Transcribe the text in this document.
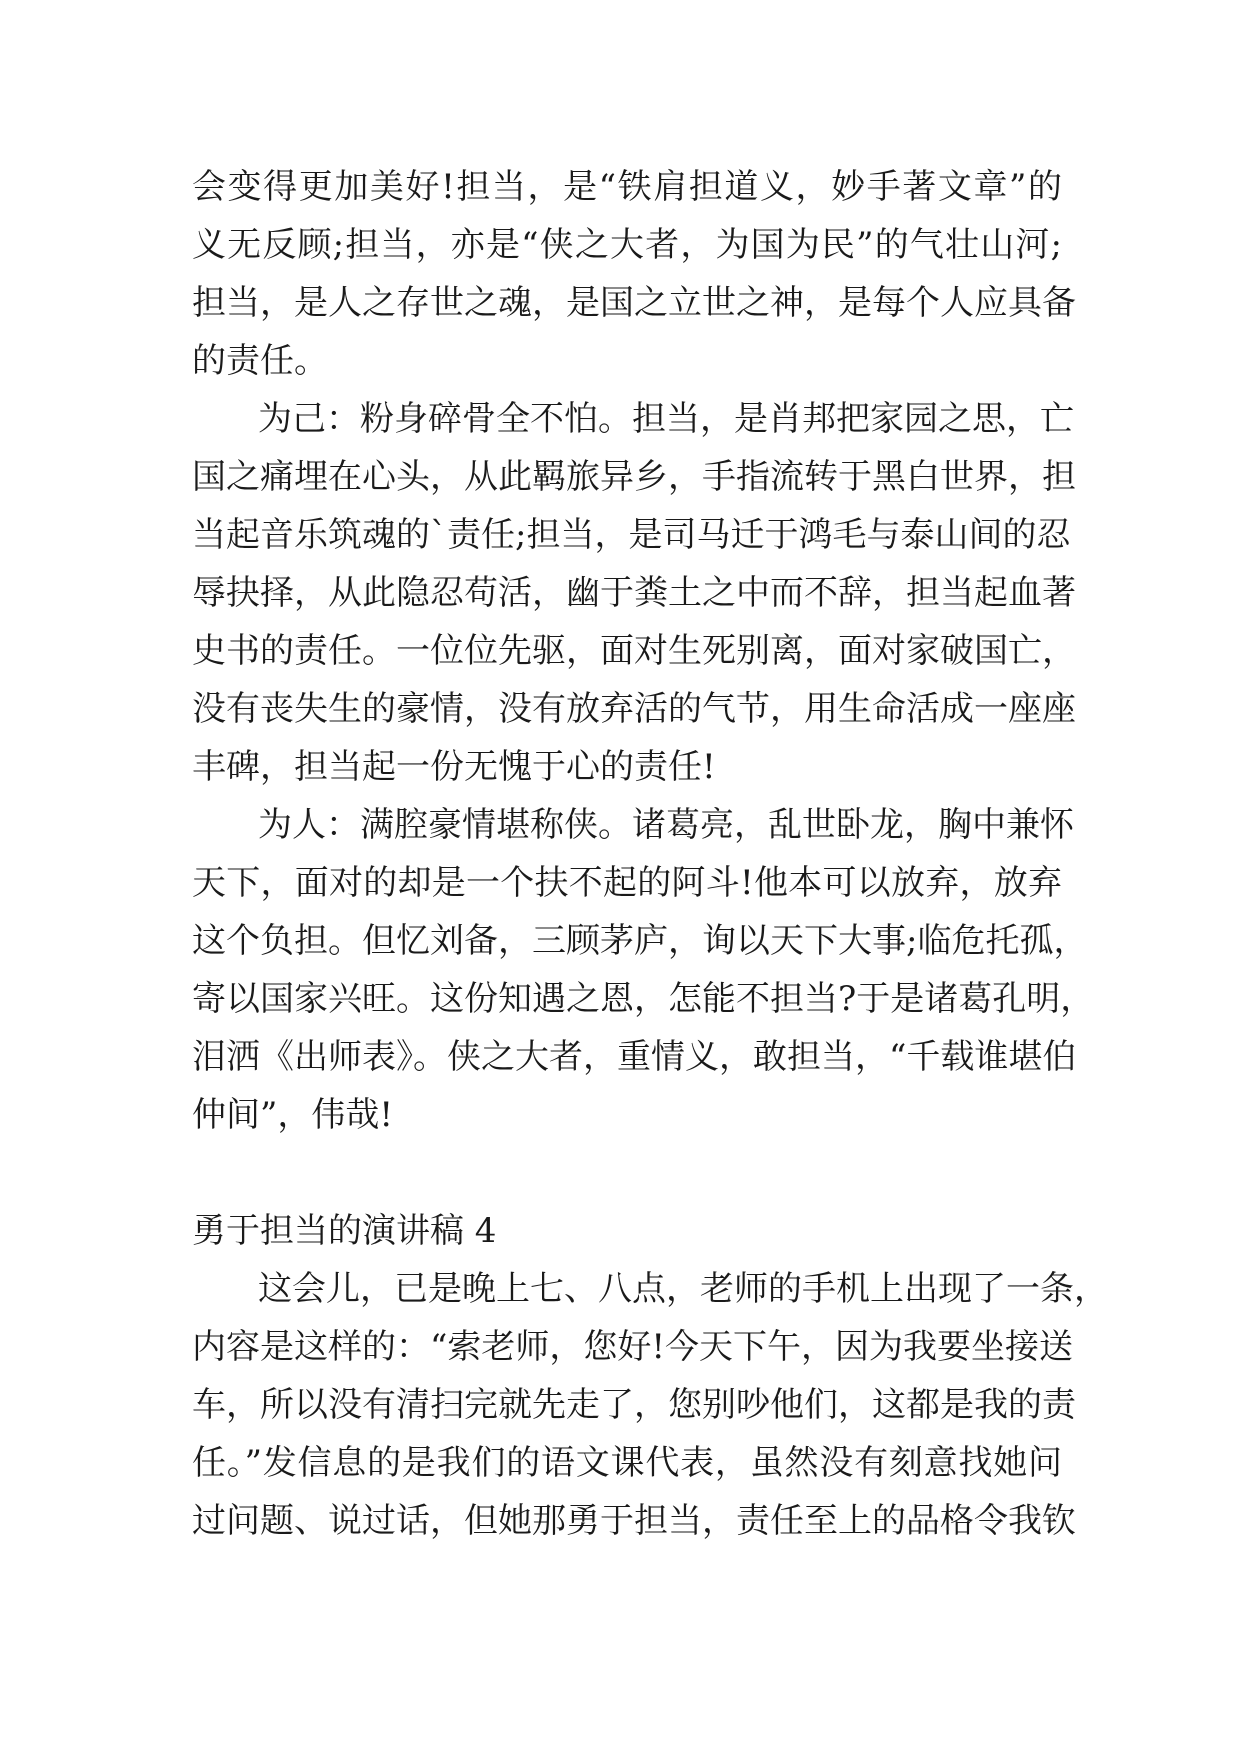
会变得更加美好!担当，是“铁肩担道义，妙手著文章”的
义无反顾;担当，亦是“侠之大者，为国为民”的气壮山河;
担当，是人之存世之魂，是国之立世之神，是每个人应具备
的责任。
为己：粉身碎骨全不怕。担当，是肖邦把家园之思，亡
国之痛埋在心头，从此羁旅异乡，手指流转于黑白世界，担
当起音乐筑魂的`责任;担当，是司马迁于鸿毛与泰山间的忍
辱抉择，从此隐忍苟活，幽于粪土之中而不辞，担当起血著
史书的责任。一位位先驱，面对生死别离，面对家破国亡，
没有丧失生的豪情，没有放弃活的气节，用生命活成一座座
丰碑，担当起一份无愧于心的责任!
为人：满腔豪情堪称侠。诸葛亮，乱世卧龙，胸中兼怀
天下，面对的却是一个扶不起的阿斗!他本可以放弃，放弃
这个负担。但忆刘备，三顾茅庐，询以天下大事;临危托孤，
寄以国家兴旺。这份知遇之恩，怎能不担当?于是诸葛孔明，
泪洒《出师表》。侠之大者，重情义，敢担当，“千载谁堪伯
仲间”，伟哉!
勇于担当的演讲稿 4
这会儿，已是晚上七、八点，老师的手机上出现了一条，
内容是这样的：“索老师，您好!今天下午，因为我要坐接送
车，所以没有清扫完就先走了，您别吵他们，这都是我的责
任。”发信息的是我们的语文课代表，虽然没有刻意找她问
过问题、说过话，但她那勇于担当，责任至上的品格令我钦
